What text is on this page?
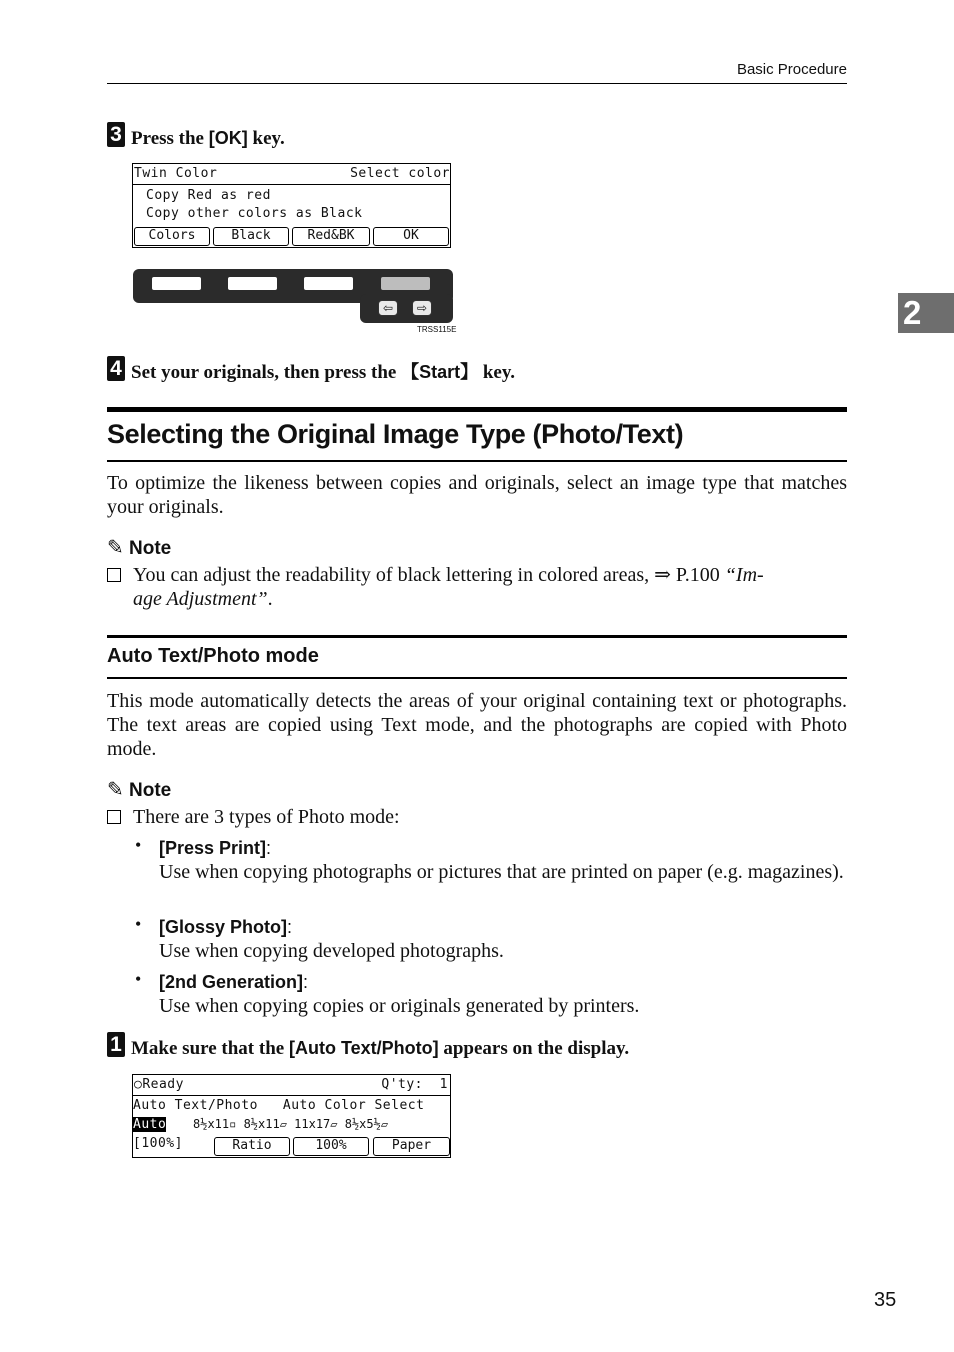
Basic Procedure
2
3 Press the [OK] key.
Twin Color	Select color
Copy Red as red
Copy other colors as Black
Colors	Black	Red&BK	OK
⇦	⇨
TRSS115E
4 Set your originals, then press the 【Start】 key.
Selecting the Original Image Type (Photo/Text)
To optimize the likeness between copies and originals, select an image type that matches your originals.
✎ Note
You can adjust the readability of black lettering in colored areas, ⇒ P.100 “Im-
age Adjustment”.
Auto Text/Photo mode
This mode automatically detects the areas of your original containing text or photographs. The text areas are copied using Text mode, and the photographs are copied with Photo mode.
✎ Note
There are 3 types of Photo mode:
• [Press Print]:
Use when copying photographs or pictures that are printed on paper (e.g. magazines).
• [Glossy Photo]:
Use when copying developed photographs.
• [2nd Generation]:
Use when copying copies or originals generated by printers.
1 Make sure that the [Auto Text/Photo] appears on the display.
○Ready	Q'ty:  1
Auto Text/Photo   Auto Color Select
Auto 8½x11▫ 8½x11▱ 11x17▱ 8½x5½▱
[100%]	Ratio	100%	Paper
35
